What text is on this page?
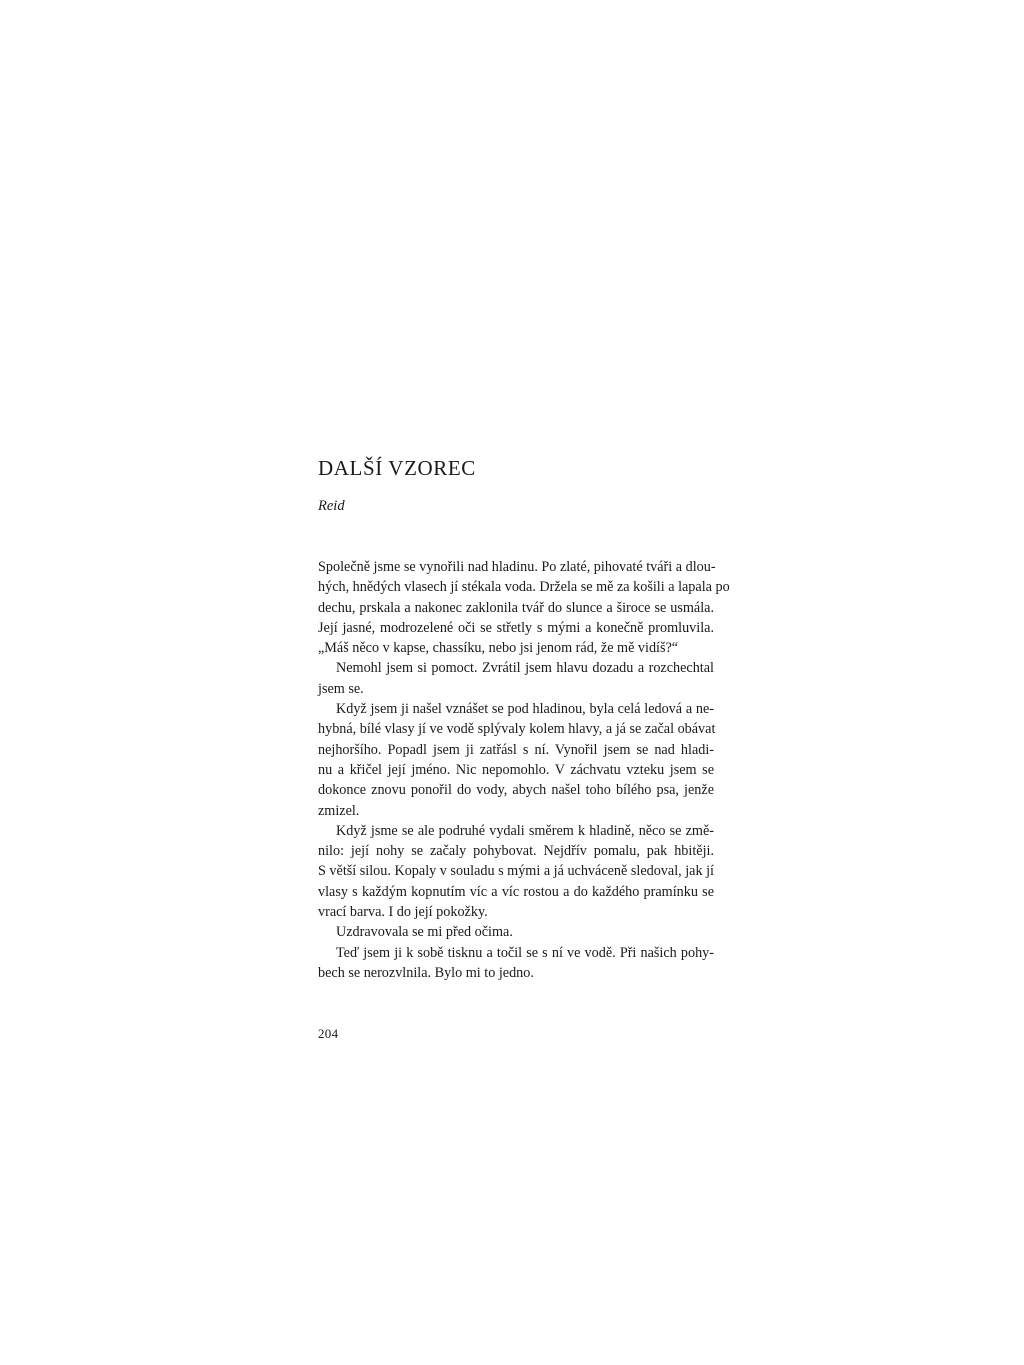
DALŠÍ VZOREC

Reid

Společně jsme se vynořili nad hladinu. Po zlaté, pihovaté tváři a dlou-
hých, hnědých vlasech jí stékala voda. Držela se mě za košili a lapala po
dechu, prskala a nakonec zaklonila tvář do slunce a široce se usmála.
Její jasné, modrozelené oči se střetly s mými a konečně promluvila.
„Máš něco v kapse, chassíku, nebo jsi jenom rád, že mě vidíš?“
Nemohl jsem si pomoct. Zvrátil jsem hlavu dozadu a rozchechtal
jsem se.
Když jsem ji našel vznášet se pod hladinou, byla celá ledová a ne-
hybná, bílé vlasy jí ve vodě splývaly kolem hlavy, a já se začal obávat
nejhoršího. Popadl jsem ji zatřásl s ní. Vynořil jsem se nad hladi-
nu a křičel její jméno. Nic nepomohlo. V záchvatu vzteku jsem se
dokonce znovu ponořil do vody, abych našel toho bílého psa, jenže
zmizel.
Když jsme se ale podruhé vydali směrem k hladině, něco se změ-
nilo: její nohy se začaly pohybovat. Nejdřív pomalu, pak hbitěji.
S větší silou. Kopaly v souladu s mými a já uchváceně sledoval, jak jí
vlasy s každým kopnutím víc a víc rostou a do každého pramínku se
vrací barva. I do její pokožky.
Uzdravovala se mi před očima.
Teď jsem ji k sobě tisknu a točil se s ní ve vodě. Při našich pohy-
bech se nerozvlnila. Bylo mi to jedno.

204
